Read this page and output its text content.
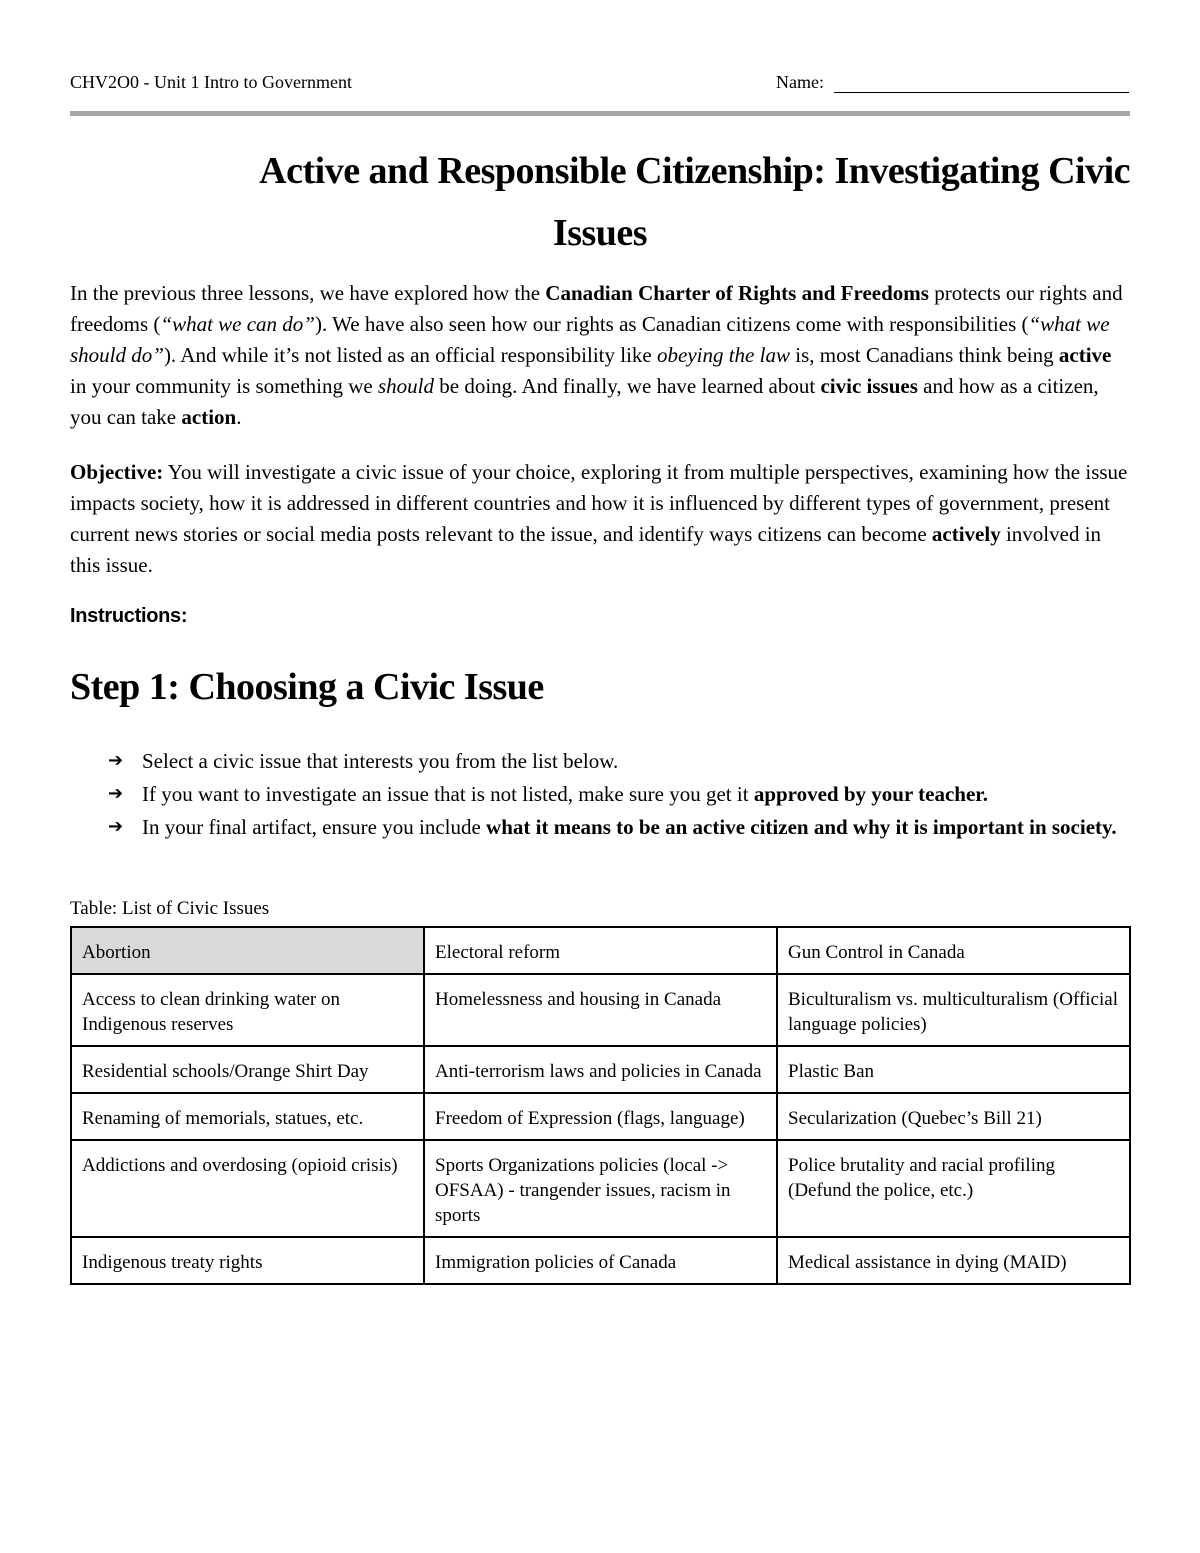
CHV2O0 - Unit 1 Intro to Government	Name:
Active and Responsible Citizenship: Investigating Civic
Issues

In the previous three lessons, we have explored how the Canadian Charter of Rights and Freedoms protects our rights and freedoms (“what we can do”). We have also seen how our rights as Canadian citizens come with responsibilities (“what we should do”). And while it’s not listed as an official responsibility like obeying the law is, most Canadians think being active in your community is something we should be doing. And finally, we have learned about civic issues and how as a citizen, you can take action.

Objective: You will investigate a civic issue of your choice, exploring it from multiple perspectives, examining how the issue impacts society, how it is addressed in different countries and how it is influenced by different types of government, present current news stories or social media posts relevant to the issue, and identify ways citizens can become actively involved in this issue.

Instructions:
Step 1: Choosing a Civic Issue
➔ Select a civic issue that interests you from the list below.
➔ If you want to investigate an issue that is not listed, make sure you get it approved by your teacher.
➔ In your final artifact, ensure you include what it means to be an active citizen and why it is important in society.
Table: List of Civic Issues
Abortion	Electoral reform	Gun Control in Canada
Access to clean drinking water on Indigenous reserves	Homelessness and housing in Canada	Biculturalism vs. multiculturalism (Official language policies)
Residential schools/Orange Shirt Day	Anti-terrorism laws and policies in Canada	Plastic Ban
Renaming of memorials, statues, etc.	Freedom of Expression (flags, language)	Secularization (Quebec’s Bill 21)
Addictions and overdosing (opioid crisis)	Sports Organizations policies (local -> OFSAA) - trangender issues, racism in sports	Police brutality and racial profiling (Defund the police, etc.)
Indigenous treaty rights	Immigration policies of Canada	Medical assistance in dying (MAID)
